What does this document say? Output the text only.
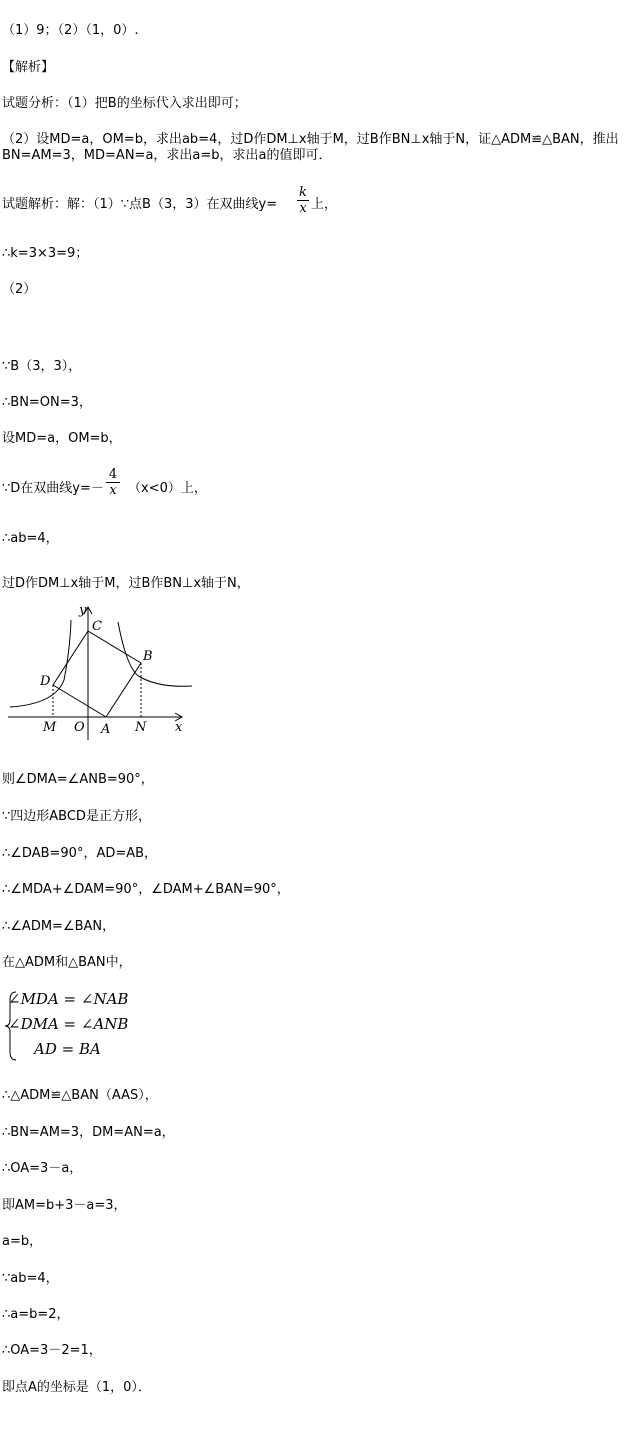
（1）9；（2）（1，0）.
【解析】
试题分析：（1）把B的坐标代入求出即可；
（2）设MD=a，OM=b，求出ab=4，过D作DM⊥x轴于M，过B作BN⊥x轴于N，证△ADM≌△BAN，推出
BN=AM=3，MD=AN=a，求出a=b，求出a的值即可．
试题解析：解：（1）∵点B（3，3）在双曲线y=
k
x 上，
∴k=3×3=9；
（2）
∵B（3，3），
∴BN=ON=3，
设MD=a，OM=b，
∵D在双曲线y=－
4
x （x<0）上，
∴ab=4，
过D作DM⊥x轴于M，过B作BN⊥x轴于N，
y
x
C
B
D
M O A N
则∠DMA=∠ANB=90°，
∵四边形ABCD是正方形，
∴∠DAB=90°，AD=AB，
∴∠MDA+∠DAM=90°，∠DAM+∠BAN=90°，
∴∠ADM=∠BAN，
在△ADM和△BAN中，
∠MDA = ∠NAB
∠DMA = ∠ANB
AD = BA
∴△ADM≌△BAN（AAS），
∴BN=AM=3，DM=AN=a，
∴OA=3－a，
即AM=b+3－a=3，
a=b，
∵ab=4，
∴a=b=2，
∴OA=3－2=1，
即点A的坐标是（1，0）．
